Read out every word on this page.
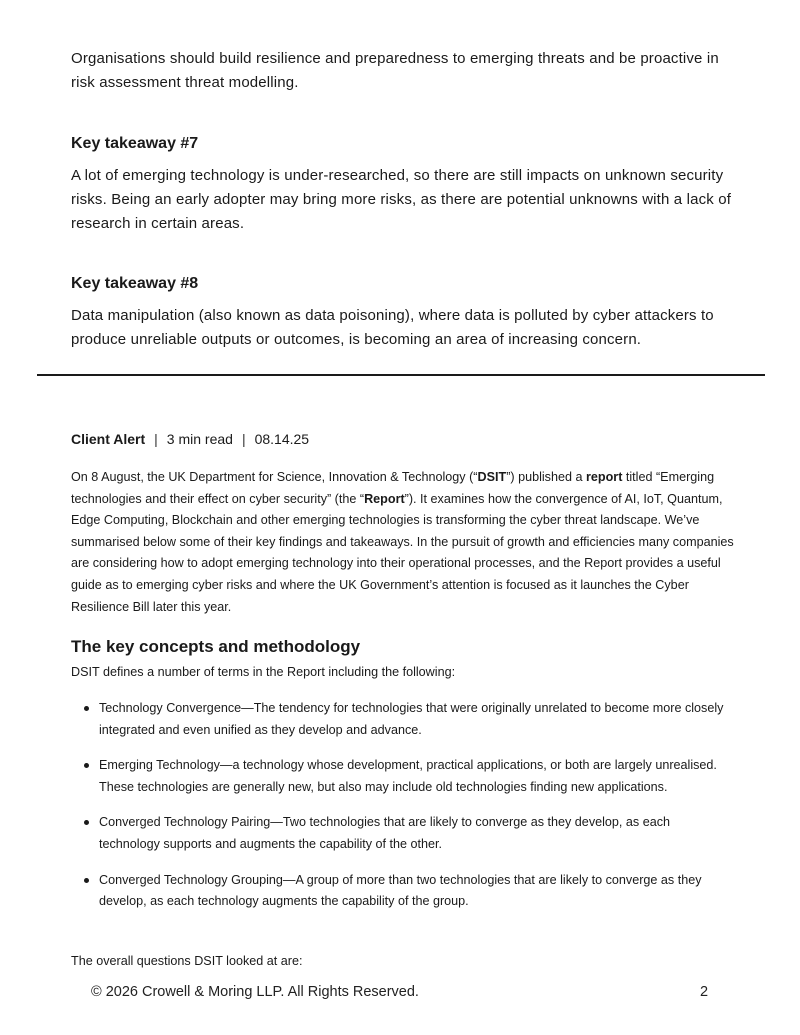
Organisations should build resilience and preparedness to emerging threats and be proactive in risk assessment threat modelling.

Key takeaway #7

A lot of emerging technology is under-researched, so there are still impacts on unknown security risks. Being an early adopter may bring more risks, as there are potential unknowns with a lack of research in certain areas.

Key takeaway #8

Data manipulation (also known as data poisoning), where data is polluted by cyber attackers to produce unreliable outputs or outcomes, is becoming an area of increasing concern.

Client Alert | 3 min read | 08.14.25

On 8 August, the UK Department for Science, Innovation & Technology (“DSIT”) published a report titled “Emerging technologies and their effect on cyber security” (the “Report”). It examines how the convergence of AI, IoT, Quantum, Edge Computing, Blockchain and other emerging technologies is transforming the cyber threat landscape. We’ve summarised below some of their key findings and takeaways. In the pursuit of growth and efficiencies many companies are considering how to adopt emerging technology into their operational processes, and the Report provides a useful guide as to emerging cyber risks and where the UK Government’s attention is focused as it launches the Cyber Resilience Bill later this year.

The key concepts and methodology

DSIT defines a number of terms in the Report including the following:

Technology Convergence—The tendency for technologies that were originally unrelated to become more closely integrated and even unified as they develop and advance.
Emerging Technology—a technology whose development, practical applications, or both are largely unrealised. These technologies are generally new, but also may include old technologies finding new applications.
Converged Technology Pairing—Two technologies that are likely to converge as they develop, as each technology supports and augments the capability of the other.
Converged Technology Grouping—A group of more than two technologies that are likely to converge as they develop, as each technology augments the capability of the group.

The overall questions DSIT looked at are:

© 2026 Crowell & Moring LLP. All Rights Reserved.	2
